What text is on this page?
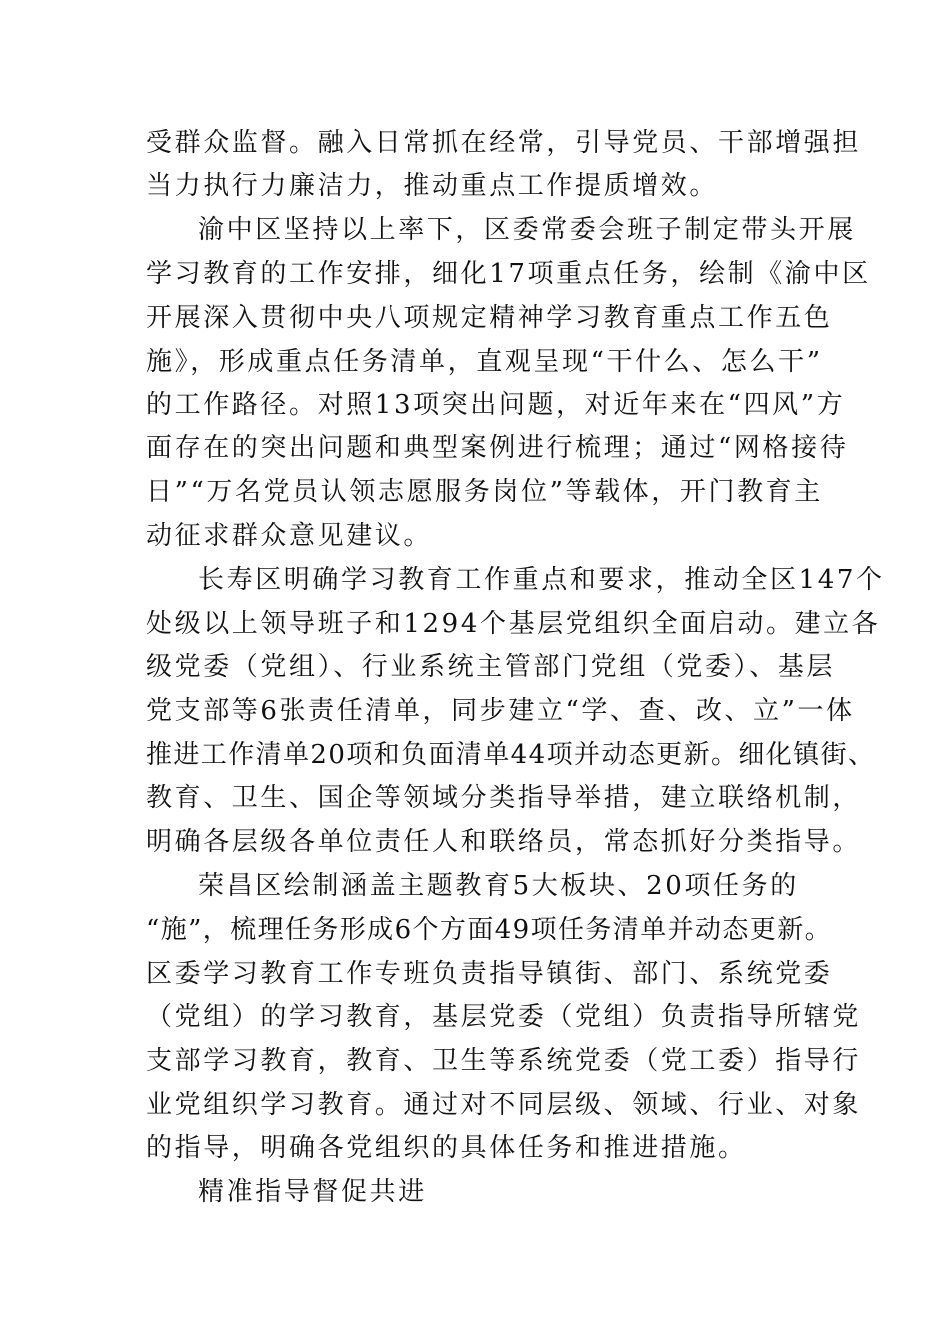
受群众监督。融入日常抓在经常，引导党员、干部增强担
当力执行力廉洁力，推动重点工作提质增效。
渝中区坚持以上率下，区委常委会班子制定带头开展
学习教育的工作安排，细化17项重点任务，绘制《渝中区
开展深入贯彻中央八项规定精神学习教育重点工作五色
施》，形成重点任务清单，直观呈现“干什么、怎么干”
的工作路径。对照13项突出问题，对近年来在“四风”方
面存在的突出问题和典型案例进行梳理；通过“网格接待
日”“万名党员认领志愿服务岗位”等载体，开门教育主
动征求群众意见建议。
长寿区明确学习教育工作重点和要求，推动全区147个
处级以上领导班子和1294个基层党组织全面启动。建立各
级党委（党组）、行业系统主管部门党组（党委）、基层
党支部等6张责任清单，同步建立“学、查、改、立”一体
推进工作清单20项和负面清单44项并动态更新。细化镇街、
教育、卫生、国企等领域分类指导举措，建立联络机制，
明确各层级各单位责任人和联络员，常态抓好分类指导。
荣昌区绘制涵盖主题教育5大板块、20项任务的
“施”，梳理任务形成6个方面49项任务清单并动态更新。
区委学习教育工作专班负责指导镇街、部门、系统党委
（党组）的学习教育，基层党委（党组）负责指导所辖党
支部学习教育，教育、卫生等系统党委（党工委）指导行
业党组织学习教育。通过对不同层级、领域、行业、对象
的指导，明确各党组织的具体任务和推进措施。
精准指导督促共进
